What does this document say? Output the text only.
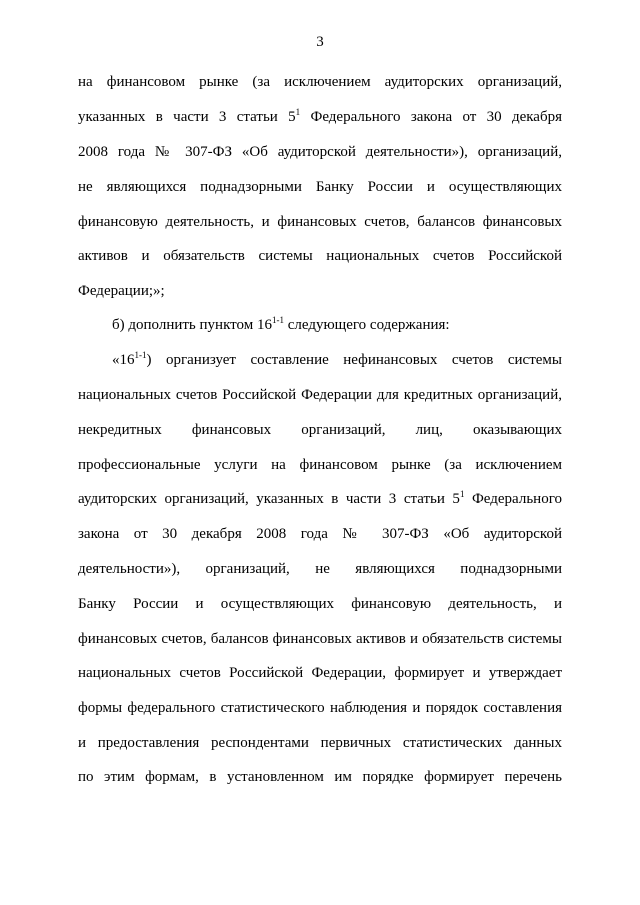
3
на финансовом рынке (за исключением аудиторских организаций,
указанных в части 3 статьи $5^1$ Федерального закона от 30 декабря
2008 года № 307-ФЗ «Об аудиторской деятельности»), организаций,
не являющихся поднадзорными Банку России и осуществляющих
финансовую деятельность, и финансовых счетов, балансов финансовых
активов и обязательств системы национальных счетов Российской
Федерации;»;
б) дополнить пунктом 16$^{1-1}$ следующего содержания:
«16$^{1-1}$) организует составление нефинансовых счетов системы
национальных счетов Российской Федерации для кредитных организаций,
некредитных финансовых организаций, лиц, оказывающих
профессиональные услуги на финансовом рынке (за исключением
аудиторских организаций, указанных в части 3 статьи $5^1$ Федерального
закона от 30 декабря 2008 года № 307-ФЗ «Об аудиторской
деятельности»), организаций, не являющихся поднадзорными
Банку России и осуществляющих финансовую деятельность, и
финансовых счетов, балансов финансовых активов и обязательств системы
национальных счетов Российской Федерации, формирует и утверждает
формы федерального статистического наблюдения и порядок составления
и предоставления респондентами первичных статистических данных
по этим формам, в установленном им порядке формирует перечень
